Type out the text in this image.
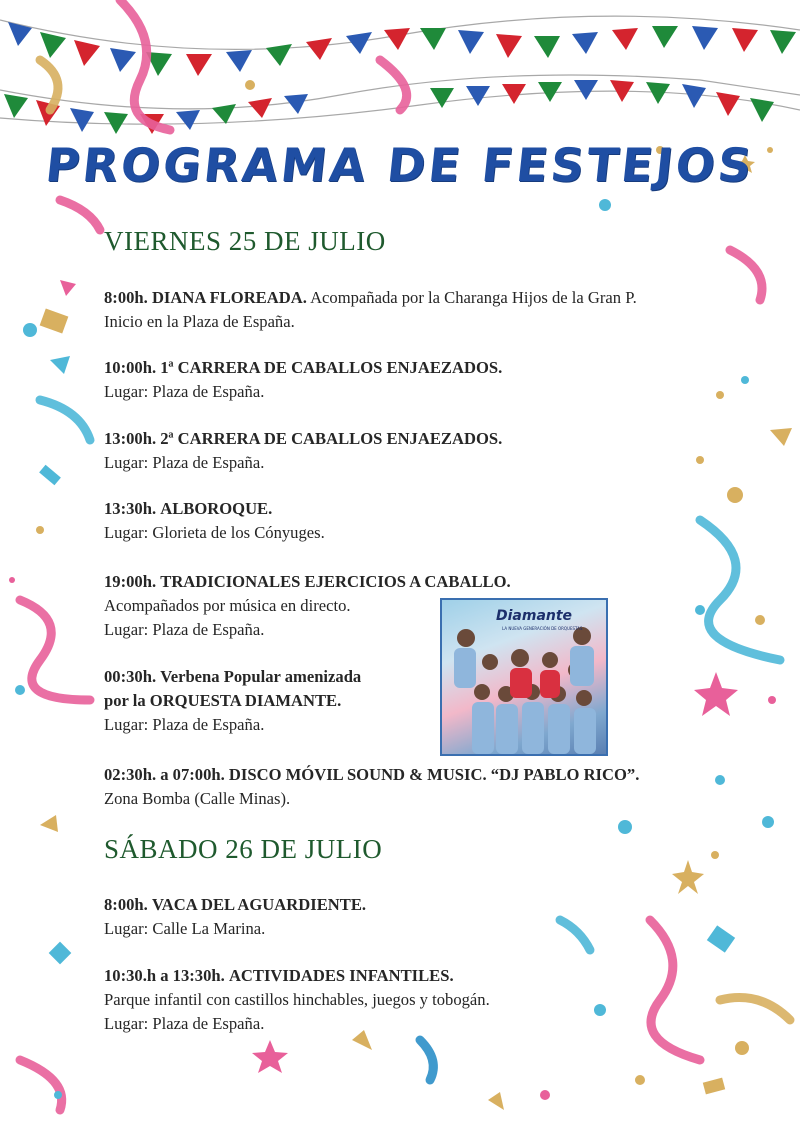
PROGRAMA DE FESTEJOS
VIERNES 25 DE JULIO
8:00h. DIANA FLOREADA. Acompañada por la Charanga Hijos de la Gran P.
Inicio en la Plaza de España.
10:00h. 1ª CARRERA DE CABALLOS ENJAEZADOS.
Lugar: Plaza de España.
13:00h. 2ª CARRERA DE CABALLOS ENJAEZADOS.
Lugar: Plaza de España.
13:30h. ALBOROQUE.
Lugar: Glorieta de los Cónyuges.
19:00h. TRADICIONALES EJERCICIOS A CABALLO.
Acompañados por música en directo.
Lugar: Plaza de España.
00:30h. Verbena Popular amenizada
por la ORQUESTA DIAMANTE.
Lugar: Plaza de España.
02:30h. a 07:00h. DISCO MÓVIL SOUND & MUSIC. “DJ PABLO RICO”.
Zona Bomba (Calle Minas).
Diamante
LA NUEVA GENERACIÓN DE ORQUESTAS
SÁBADO 26 DE JULIO
8:00h. VACA DEL AGUARDIENTE.
Lugar: Calle La Marina.
10:30.h a 13:30h. ACTIVIDADES INFANTILES.
Parque infantil con castillos hinchables, juegos y tobogán.
Lugar: Plaza de España.
